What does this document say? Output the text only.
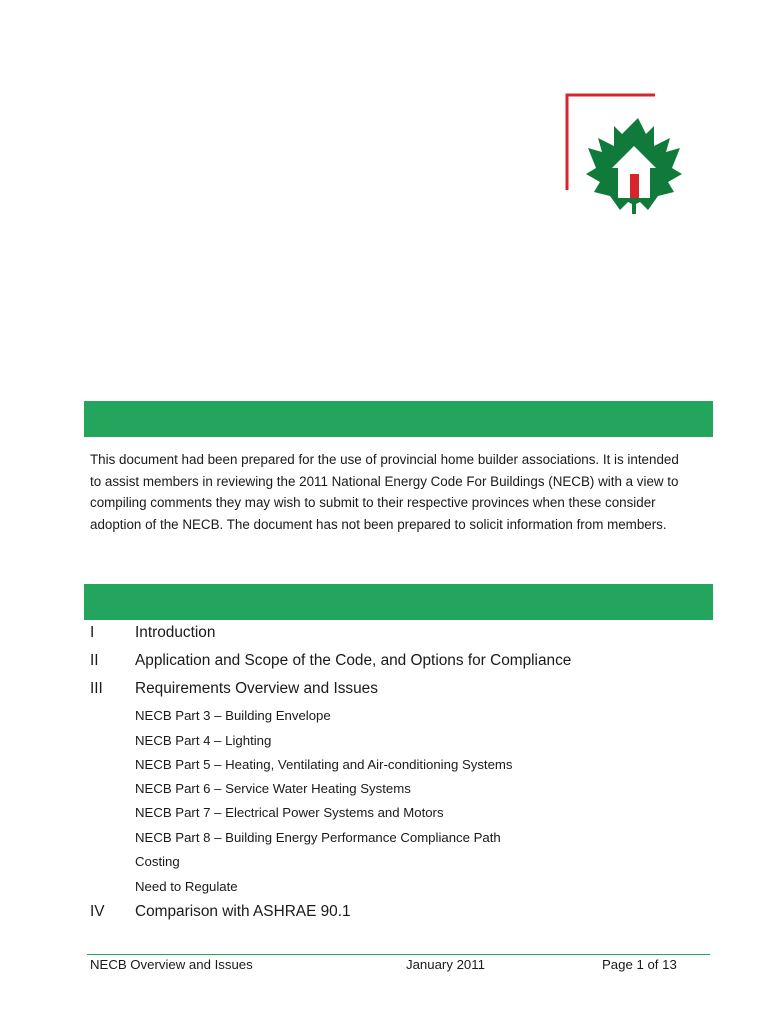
This document had been prepared for the use of provincial home builder associations. It is intended
to assist members in reviewing the 2011 National Energy Code For Buildings (NECB) with a view to
compiling comments they may wish to submit to their respective provinces when these consider
adoption of the NECB. The document has not been prepared to solicit information from members.

I	Introduction
II Application and Scope of the Code, and Options for Compliance
III Requirements Overview and Issues
NECB Part 3 – Building Envelope
NECB Part 4 – Lighting
NECB Part 5 – Heating, Ventilating and Air-conditioning Systems
NECB Part 6 – Service Water Heating Systems
NECB Part 7 – Electrical Power Systems and Motors
NECB Part 8 – Building Energy Performance Compliance Path
Costing
Need to Regulate
IV Comparison with ASHRAE 90.1
NECB Overview and Issues	January 2011	Page 1 of 13
